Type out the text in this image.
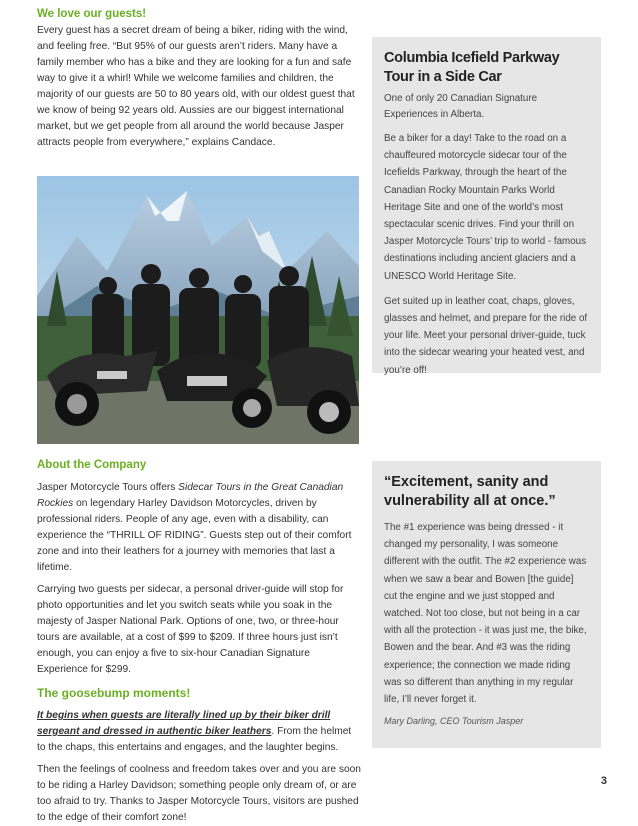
We love our guests!

Every guest has a secret dream of being a biker, riding with the wind, and feeling free. “But 95% of our guests aren’t riders. Many have a family member who has a bike and they are looking for a fun and safe way to give it a whirl! While we welcome families and children, the majority of our guests are 50 to 80 years old, with our oldest guest that we know of being 92 years old. Aussies are our biggest international market, but we get people from all around the world because Jasper attracts people from everywhere,” explains Candace.

Columbia Icefield Parkway Tour in a Side Car

One of only 20 Canadian Signature Experiences in Alberta.

Be a biker for a day! Take to the road on a chauffeured motorcycle sidecar tour of the Icefields Parkway, through the heart of the Canadian Rocky Mountain Parks World Heritage Site and one of the world’s most spectacular scenic drives. Find your thrill on Jasper Motorcycle Tours’ trip to world - famous destinations including ancient glaciers and a UNESCO World Heritage Site.

Get suited up in leather coat, chaps, gloves, glasses and helmet, and prepare for the ride of your life. Meet your personal driver-guide, tuck into the sidecar wearing your heated vest, and you’re off!

About the Company

Jasper Motorcycle Tours offers Sidecar Tours in the Great Canadian Rockies on legendary Harley Davidson Motorcycles, driven by professional riders. People of any age, even with a disability, can experience the “THRILL OF RIDING”. Guests step out of their comfort zone and into their leathers for a journey with memories that last a lifetime.

Carrying two guests per sidecar, a personal driver-guide will stop for photo opportunities and let you switch seats while you soak in the majesty of Jasper National Park. Options of one, two, or three-hour tours are available, at a cost of $99 to $209. If three hours just isn’t enough, you can enjoy a five to six-hour Canadian Signature Experience for $299.

The goosebump moments!

It begins when guests are literally lined up by their biker drill sergeant and dressed in authentic biker leathers. From the helmet to the chaps, this entertains and engages, and the laughter begins.

Then the feelings of coolness and freedom takes over and you are soon to be riding a Harley Davidson; something people only dream of, or are too afraid to try. Thanks to Jasper Motorcycle Tours, visitors are pushed to the edge of their comfort zone!

“Excitement, sanity and vulnerability all at once.”

The #1 experience was being dressed - it changed my personality, I was someone different with the outfit. The #2 experience was when we saw a bear and Bowen [the guide] cut the engine and we just stopped and watched. Not too close, but not being in a car with all the protection - it was just me, the bike, Bowen and the bear. And #3 was the riding experience; the connection we made riding was so different than anything in my regular life, I’ll never forget it.

Mary Darling, CEO Tourism Jasper

3
